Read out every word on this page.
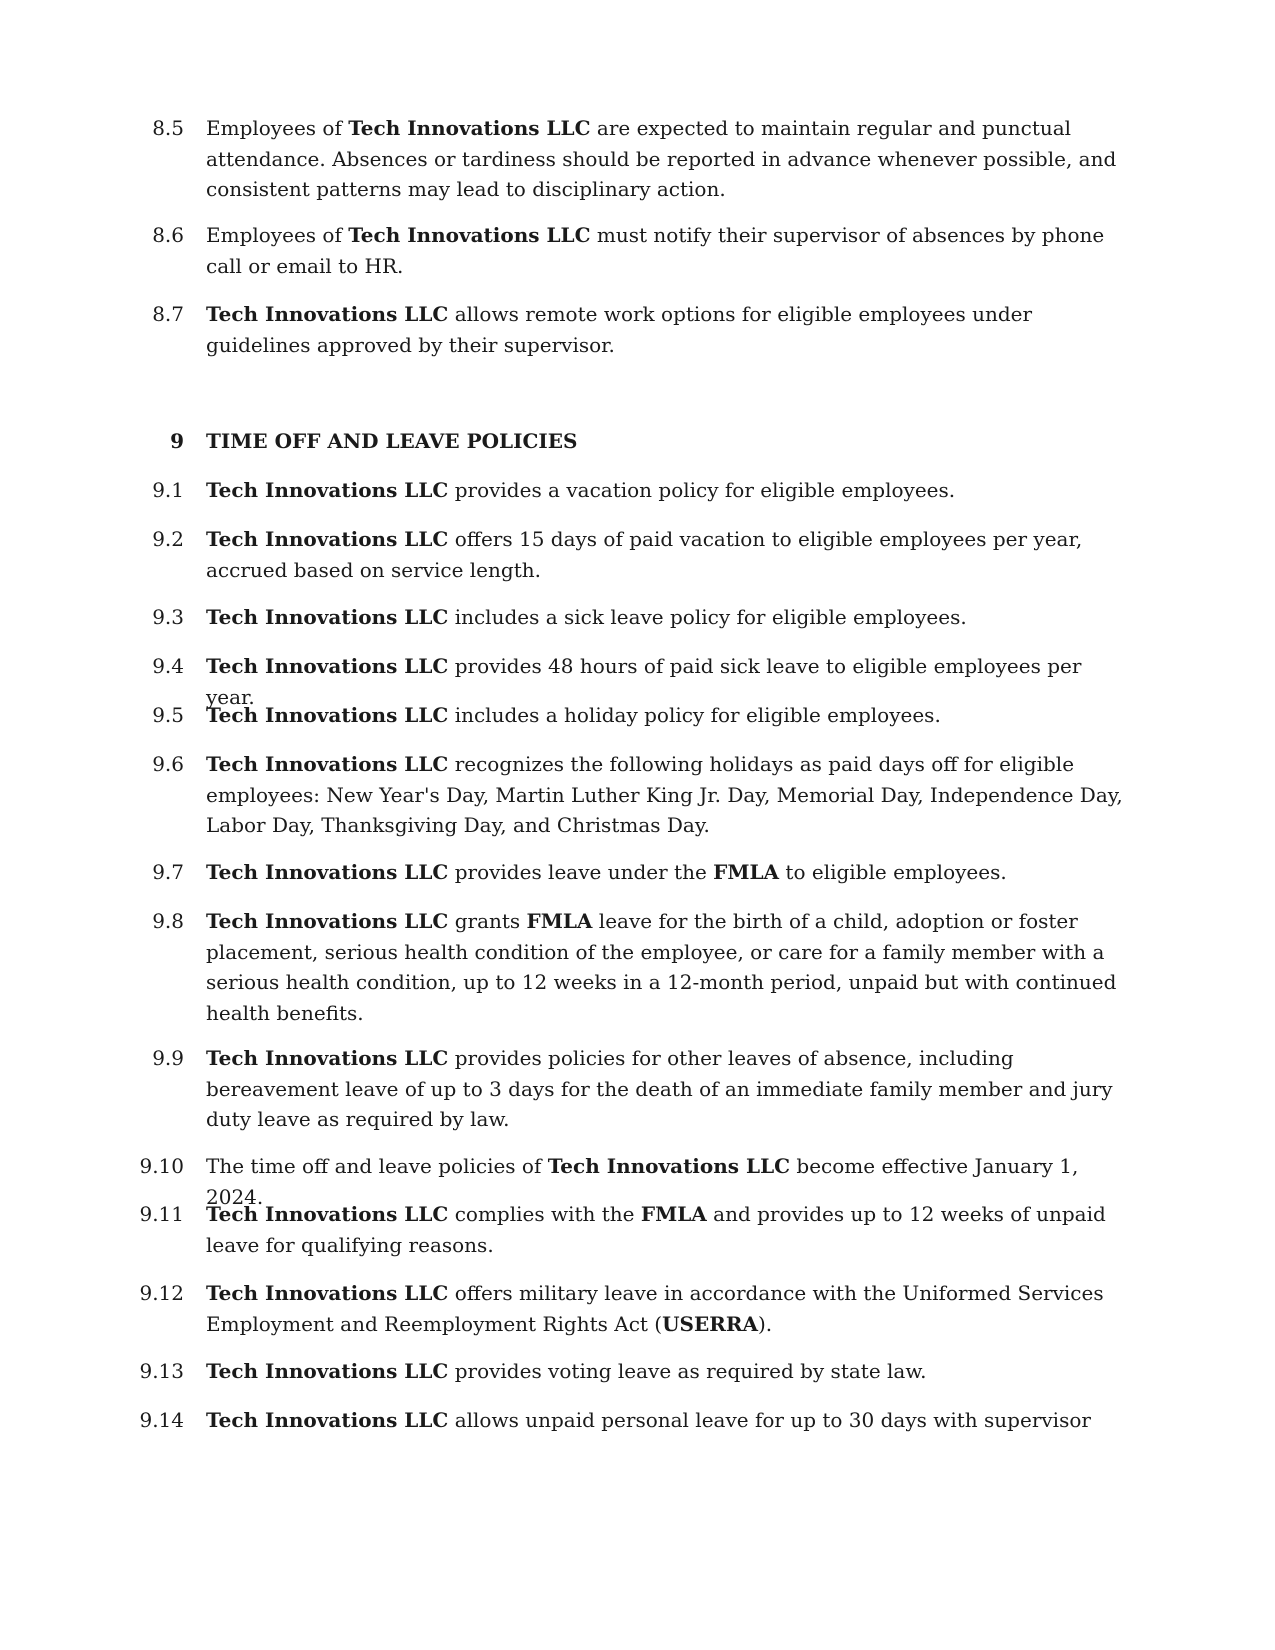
8.5 Employees of Tech Innovations LLC are expected to maintain regular and punctual attendance. Absences or tardiness should be reported in advance whenever possible, and consistent patterns may lead to disciplinary action.
8.6 Employees of Tech Innovations LLC must notify their supervisor of absences by phone call or email to HR.
8.7 Tech Innovations LLC allows remote work options for eligible employees under guidelines approved by their supervisor.
9 TIME OFF AND LEAVE POLICIES
9.1 Tech Innovations LLC provides a vacation policy for eligible employees.
9.2 Tech Innovations LLC offers 15 days of paid vacation to eligible employees per year, accrued based on service length.
9.3 Tech Innovations LLC includes a sick leave policy for eligible employees.
9.4 Tech Innovations LLC provides 48 hours of paid sick leave to eligible employees per year.
9.5 Tech Innovations LLC includes a holiday policy for eligible employees.
9.6 Tech Innovations LLC recognizes the following holidays as paid days off for eligible employees: New Year's Day, Martin Luther King Jr. Day, Memorial Day, Independence Day, Labor Day, Thanksgiving Day, and Christmas Day.
9.7 Tech Innovations LLC provides leave under the FMLA to eligible employees.
9.8 Tech Innovations LLC grants FMLA leave for the birth of a child, adoption or foster placement, serious health condition of the employee, or care for a family member with a serious health condition, up to 12 weeks in a 12-month period, unpaid but with continued health benefits.
9.9 Tech Innovations LLC provides policies for other leaves of absence, including bereavement leave of up to 3 days for the death of an immediate family member and jury duty leave as required by law.
9.10 The time off and leave policies of Tech Innovations LLC become effective January 1, 2024.
9.11 Tech Innovations LLC complies with the FMLA and provides up to 12 weeks of unpaid leave for qualifying reasons.
9.12 Tech Innovations LLC offers military leave in accordance with the Uniformed Services Employment and Reemployment Rights Act (USERRA).
9.13 Tech Innovations LLC provides voting leave as required by state law.
9.14 Tech Innovations LLC allows unpaid personal leave for up to 30 days with supervisor
